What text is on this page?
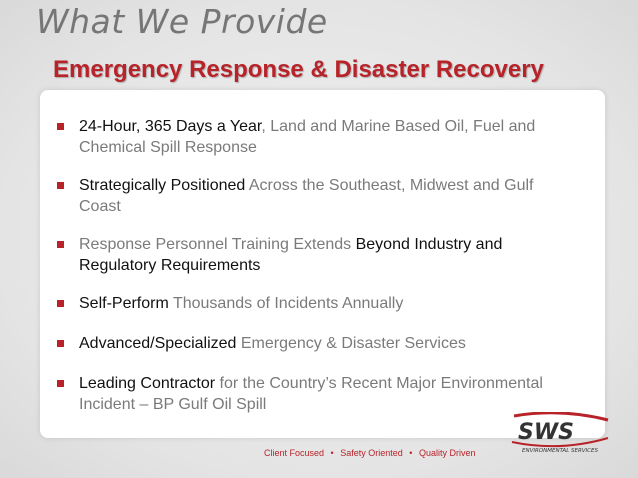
What We Provide
Emergency Response & Disaster Recovery
24-Hour, 365 Days a Year, Land and Marine Based Oil, Fuel and Chemical Spill Response
Strategically Positioned Across the Southeast, Midwest and Gulf Coast
Response Personnel Training Extends Beyond Industry and Regulatory Requirements
Self-Perform Thousands of Incidents Annually
Advanced/Specialized Emergency & Disaster Services
Leading Contractor for the Country’s Recent Major Environmental Incident – BP Gulf Oil Spill
Client Focused • Safety Oriented • Quality Driven
SWS
ENVIRONMENTAL SERVICES
